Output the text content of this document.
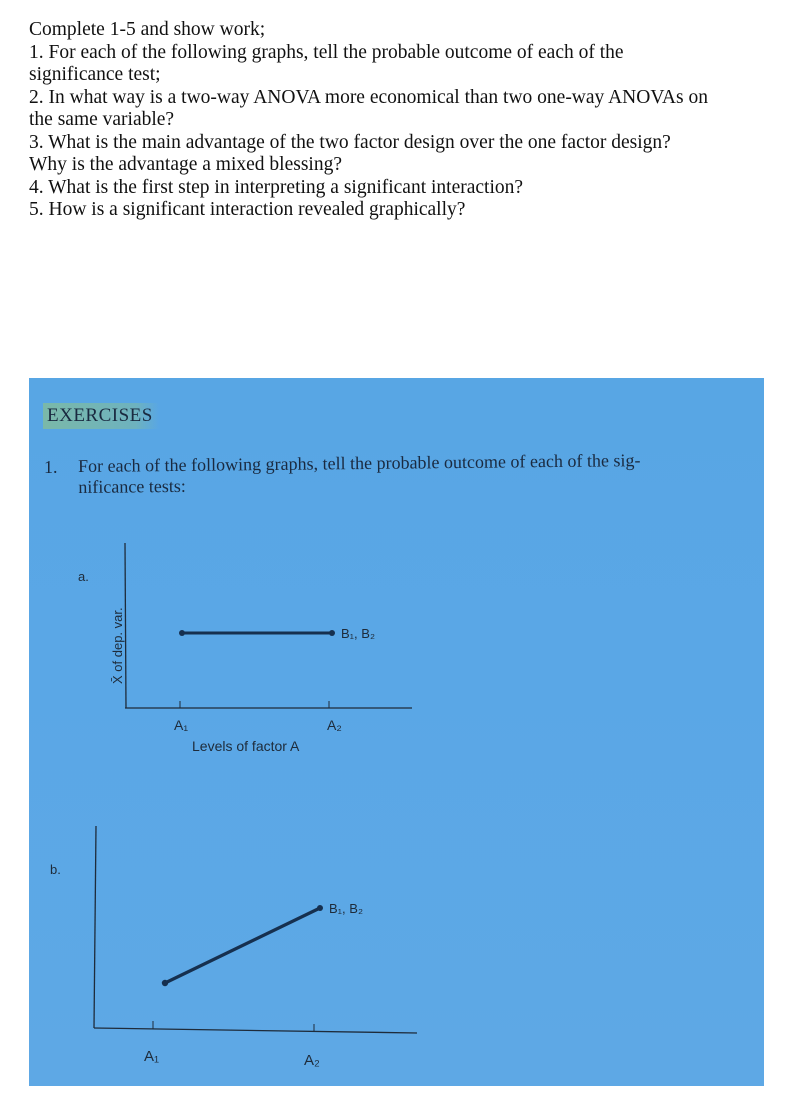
Complete 1-5 and show work;
1. For each of the following graphs, tell the probable outcome of each of the
significance test;
2. In what way is a two-way ANOVA more economical than two one-way ANOVAs on
the same variable?
3. What is the main advantage of the two factor design over the one factor design?
Why is the advantage a mixed blessing?
4. What is the first step in interpreting a significant interaction?
5. How is a significant interaction revealed graphically?
EXERCISES
1. For each of the following graphs, tell the probable outcome of each of the sig-
nificance tests:
a.
X̄ of dep. var.
A₁	A₂
Levels of factor A
B₁, B₂
b.
A₁	A₂
B₁, B₂
